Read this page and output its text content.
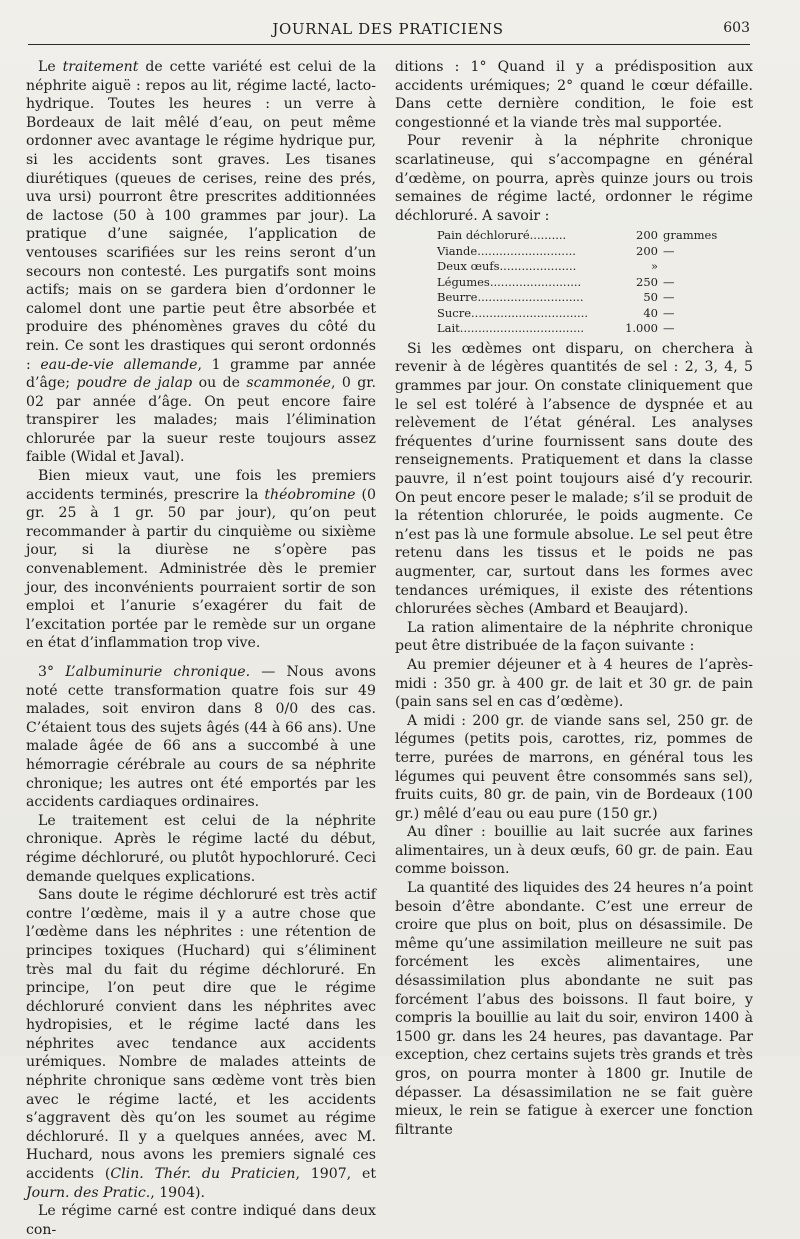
JOURNAL DES PRATICIENS	603

Le traitement de cette variété est celui de la néphrite aiguë : repos au lit, régime lacté, lacto-hydrique. Toutes les heures : un verre à Bordeaux de lait mêlé d’eau, on peut même ordonner avec avantage le régime hydrique pur, si les accidents sont graves. Les tisanes diurétiques (queues de cerises, reine des prés, uva ursi) pourront être prescrites additionnées de lactose (50 à 100 grammes par jour). La pratique d’une saignée, l’application de ventouses scarifiées sur les reins seront d’un secours non contesté. Les purgatifs sont moins actifs; mais on se gardera bien d’ordonner le calomel dont une partie peut être absorbée et produire des phénomènes graves du côté du rein. Ce sont les drastiques qui seront ordonnés : eau-de-vie allemande, 1 gramme par année d’âge; poudre de jalap ou de scammonée, 0 gr. 02 par année d’âge. On peut encore faire transpirer les malades; mais l’élimination chlorurée par la sueur reste toujours assez faible (Widal et Javal).

Bien mieux vaut, une fois les premiers accidents terminés, prescrire la théobromine (0 gr. 25 à 1 gr. 50 par jour), qu’on peut recommander à partir du cinquième ou sixième jour, si la diurèse ne s’opère pas convenablement. Administrée dès le premier jour, des inconvénients pourraient sortir de son emploi et l’anurie s’exagérer du fait de l’excitation portée par le remède sur un organe en état d’inflammation trop vive.

3° L’albuminurie chronique. — Nous avons noté cette transformation quatre fois sur 49 malades, soit environ dans 8 0/0 des cas. C’étaient tous des sujets âgés (44 à 66 ans). Une malade âgée de 66 ans a succombé à une hémorragie cérébrale au cours de sa néphrite chronique; les autres ont été emportés par les accidents cardiaques ordinaires.

Le traitement est celui de la néphrite chronique. Après le régime lacté du début, régime déchloruré, ou plutôt hypochloruré. Ceci demande quelques explications.

Sans doute le régime déchloruré est très actif contre l’œdème, mais il y a autre chose que l’œdème dans les néphrites : une rétention de principes toxiques (Huchard) qui s’éliminent très mal du fait du régime déchloruré. En principe, l’on peut dire que le régime déchloruré convient dans les néphrites avec hydropisies, et le régime lacté dans les néphrites avec tendance aux accidents urémiques. Nombre de malades atteints de néphrite chronique sans œdème vont très bien avec le régime lacté, et les accidents s’aggravent dès qu’on les soumet au régime déchloruré. Il y a quelques années, avec M. Huchard, nous avons les premiers signalé ces accidents (Clin. Thér. du Praticien, 1907, et Journ. des Pratic., 1904).

Le régime carné est contre indiqué dans deux con-

ditions : 1° Quand il y a prédisposition aux accidents urémiques; 2° quand le cœur défaille. Dans cette dernière condition, le foie est congestionné et la viande très mal supportée.

Pour revenir à la néphrite chronique scarlatineuse, qui s’accompagne en général d’œdème, on pourra, après quinze jours ou trois semaines de régime lacté, ordonner le régime déchloruré. A savoir :

Pain déchloruré..........	200	grammes
Viande...........................	200	—
Deux œufs.....................	»	
Légumes.........................	250	—
Beurre.............................	50	—
Sucre................................	40	—
Lait..................................	1.000	—

Si les œdèmes ont disparu, on cherchera à revenir à de légères quantités de sel : 2, 3, 4, 5 grammes par jour. On constate cliniquement que le sel est toléré à l’absence de dyspnée et au relèvement de l’état général. Les analyses fréquentes d’urine fournissent sans doute des renseignements. Pratiquement et dans la classe pauvre, il n’est point toujours aisé d’y recourir. On peut encore peser le malade; s’il se produit de la rétention chlorurée, le poids augmente. Ce n’est pas là une formule absolue. Le sel peut être retenu dans les tissus et le poids ne pas augmenter, car, surtout dans les formes avec tendances urémiques, il existe des rétentions chlorurées sèches (Ambard et Beaujard).

La ration alimentaire de la néphrite chronique peut être distribuée de la façon suivante :

Au premier déjeuner et à 4 heures de l’après-midi : 350 gr. à 400 gr. de lait et 30 gr. de pain (pain sans sel en cas d’œdème).

A midi : 200 gr. de viande sans sel, 250 gr. de légumes (petits pois, carottes, riz, pommes de terre, purées de marrons, en général tous les légumes qui peuvent être consommés sans sel), fruits cuits, 80 gr. de pain, vin de Bordeaux (100 gr.) mêlé d’eau ou eau pure (150 gr.)

Au dîner : bouillie au lait sucrée aux farines alimentaires, un à deux œufs, 60 gr. de pain. Eau comme boisson.

La quantité des liquides des 24 heures n’a point besoin d’être abondante. C’est une erreur de croire que plus on boit, plus on désassimile. De même qu’une assimilation meilleure ne suit pas forcément les excès alimentaires, une désassimilation plus abondante ne suit pas forcément l’abus des boissons. Il faut boire, y compris la bouillie au lait du soir, environ 1400 à 1500 gr. dans les 24 heures, pas davantage. Par exception, chez certains sujets très grands et très gros, on pourra monter à 1800 gr. Inutile de dépasser. La désassimilation ne se fait guère mieux, le rein se fatigue à exercer une fonction filtrante
